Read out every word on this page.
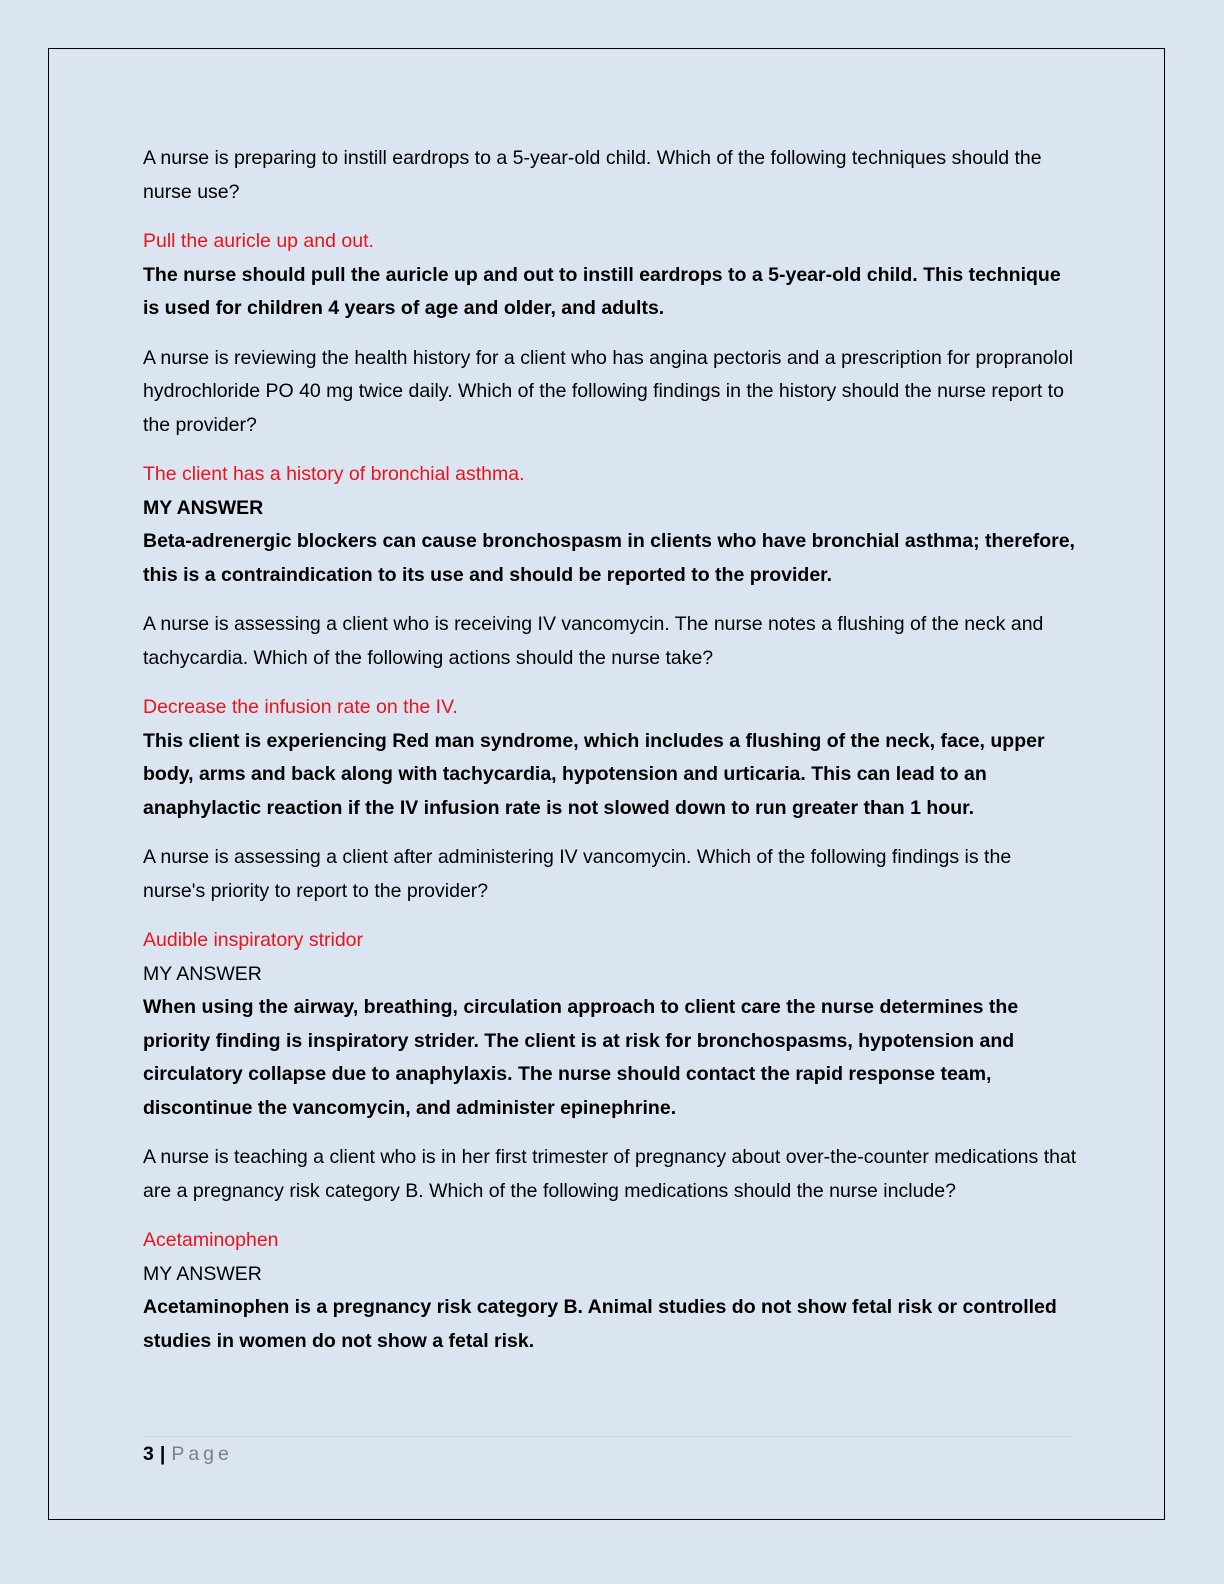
A nurse is preparing to instill eardrops to a 5-year-old child. Which of the following techniques should the nurse use?

Pull the auricle up and out.

The nurse should pull the auricle up and out to instill eardrops to a 5-year-old child. This technique is used for children 4 years of age and older, and adults.

A nurse is reviewing the health history for a client who has angina pectoris and a prescription for propranolol hydrochloride PO 40 mg twice daily. Which of the following findings in the history should the nurse report to the provider?

The client has a history of bronchial asthma.

MY ANSWER

Beta-adrenergic blockers can cause bronchospasm in clients who have bronchial asthma; therefore, this is a contraindication to its use and should be reported to the provider.

A nurse is assessing a client who is receiving IV vancomycin. The nurse notes a flushing of the neck and tachycardia. Which of the following actions should the nurse take?

Decrease the infusion rate on the IV.

This client is experiencing Red man syndrome, which includes a flushing of the neck, face, upper body, arms and back along with tachycardia, hypotension and urticaria. This can lead to an anaphylactic reaction if the IV infusion rate is not slowed down to run greater than 1 hour.

A nurse is assessing a client after administering IV vancomycin. Which of the following findings is the nurse's priority to report to the provider?

Audible inspiratory stridor

MY ANSWER

When using the airway, breathing, circulation approach to client care the nurse determines the priority finding is inspiratory strider. The client is at risk for bronchospasms, hypotension and circulatory collapse due to anaphylaxis. The nurse should contact the rapid response team, discontinue the vancomycin, and administer epinephrine.

A nurse is teaching a client who is in her first trimester of pregnancy about over-the-counter medications that are a pregnancy risk category B. Which of the following medications should the nurse include?

Acetaminophen

MY ANSWER

Acetaminophen is a pregnancy risk category B. Animal studies do not show fetal risk or controlled studies in women do not show a fetal risk.

3 | Page
